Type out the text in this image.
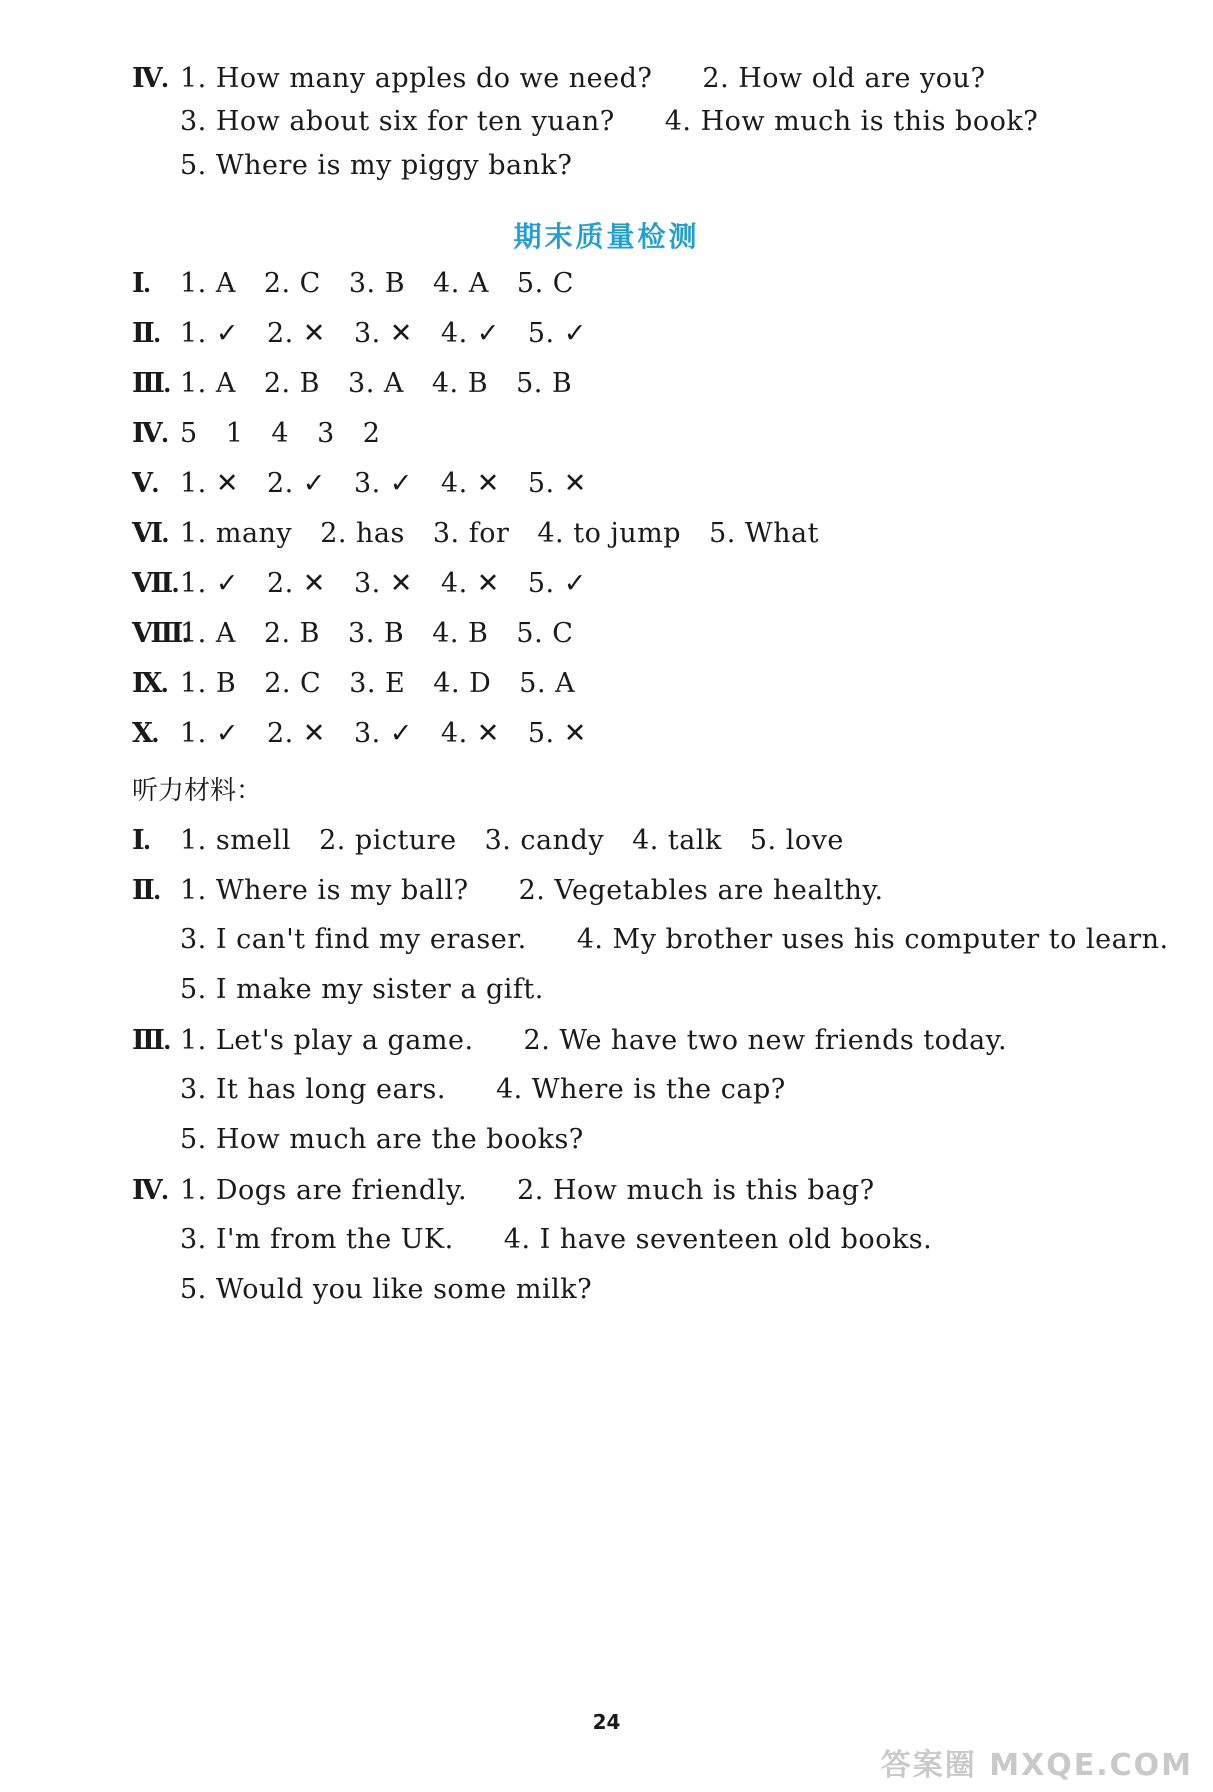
Ⅳ. 1. How many apples do we need? 2. How old are you?
3. How about six for ten yuan? 4. How much is this book?
5. Where is my piggy bank?
期末质量检测
Ⅰ. 1. A 2. C 3. B 4. A 5. C
Ⅱ. 1. ✓ 2. ✕ 3. ✕ 4. ✓ 5. ✓
Ⅲ. 1. A 2. B 3. A 4. B 5. B
Ⅳ. 5 1 4 3 2
Ⅴ. 1. ✕ 2. ✓ 3. ✓ 4. ✕ 5. ✕
Ⅵ. 1. many 2. has 3. for 4. to jump 5. What
Ⅶ.1. ✓ 2. ✕ 3. ✕ 4. ✕ 5. ✓
Ⅷ.1. A 2. B 3. B 4. B 5. C
Ⅸ. 1. B 2. C 3. E 4. D 5. A
Ⅹ. 1. ✓ 2. ✕ 3. ✓ 4. ✕ 5. ✕
听力材料：
Ⅰ. 1. smell 2. picture 3. candy 4. talk 5. love
Ⅱ. 1. Where is my ball? 2. Vegetables are healthy.
3. I can't find my eraser. 4. My brother uses his computer to learn.
5. I make my sister a gift.
Ⅲ. 1. Let's play a game. 2. We have two new friends today.
3. It has long ears. 4. Where is the cap?
5. How much are the books?
Ⅳ. 1. Dogs are friendly. 2. How much is this bag?
3. I'm from the UK. 4. I have seventeen old books.
5. Would you like some milk?
24
答案圈 MXQE.COM
